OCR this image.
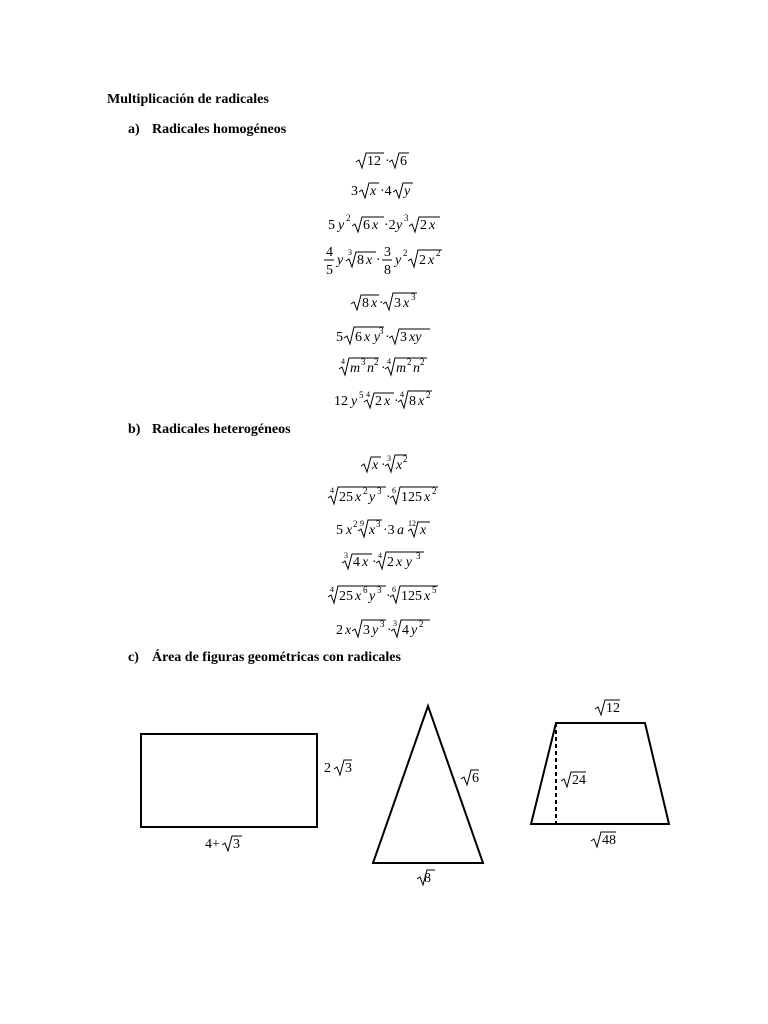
Multiplicación de radicales
a) Radicales homogéneos
12 · 6
3 x ·4 y
5 y 2 6 x ·2 y 3 2 x
4
5
y
3
8 x ·
3
8
y 2 2 x 2
8 x · 3 x 3
5 6 x y 3 · 3 xy
4 m 3 n 2 · 4 m 2 n 2
12 y 5 4 2 x · 4 8 x 2
b) Radicales heterogéneos
x · 3 x 2
4 25 x 2 y 3 · 6 125 x 2
5 x 2 9 x 3 ·3 a 12 x
3 4 x · 4 2 x y 3
4 25 x 6 y 3 · 6 125 x 5
2 x 3 y 3 · 3 4 y 2
c) Área de figuras geométricas con radicales
2 3
4+ 3
6
8
12
24
48
